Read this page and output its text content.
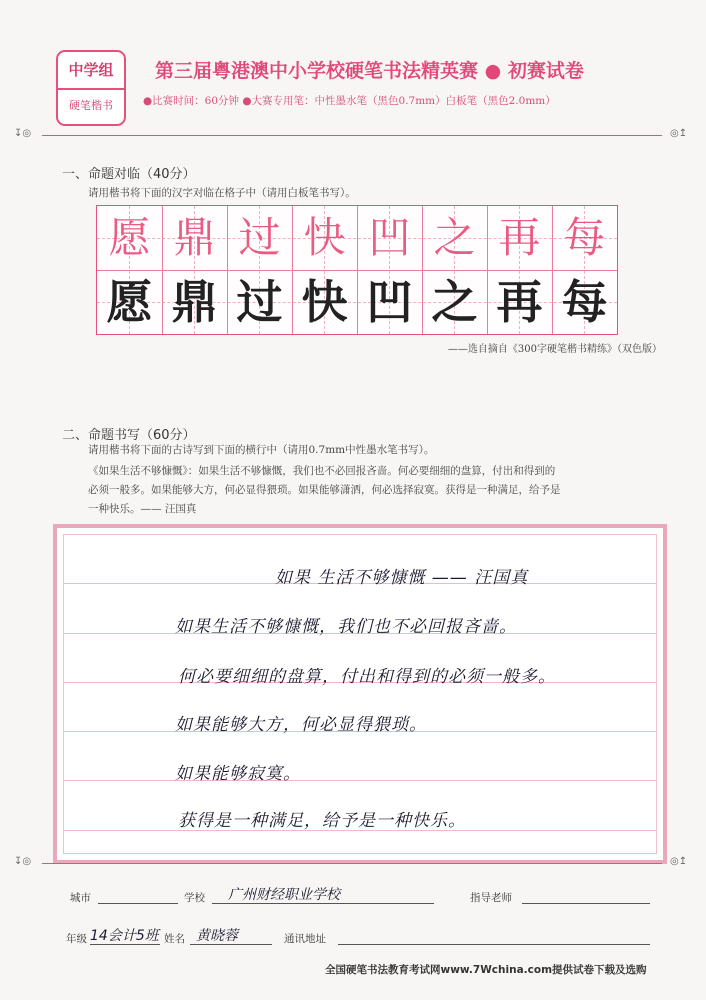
中学组
硬笔楷书
第三届粤港澳中小学校硬笔书法精英赛 ● 初赛试卷
●比赛时间：60分钟 ●大赛专用笔：中性墨水笔（黑色0.7mm）白板笔（黑色2.0mm）
↧◎	◎↥
一、命题对临（40分）
请用楷书将下面的汉字对临在格子中（请用白板笔书写）。
愿 鼎 过 快 凹 之 再 每
愿 鼎 过 快 凹 之 再 每
——选自摘自《300字硬笔楷书精练》（双色版）
二、命题书写（60分）
请用楷书将下面的古诗写到下面的横行中（请用0.7mm中性墨水笔书写）。
《如果生活不够慷慨》：如果生活不够慷慨，我们也不必回报吝啬。何必要细细的盘算，付出和得到的
必须一般多。如果能够大方，何必显得猥琐。如果能够潇洒，何必选择寂寞。获得是一种满足，给予是
一种快乐。—— 汪国真
如果 生活不够慷慨 —— 汪国真
如果生活不够慷慨，我们也不必回报吝啬。
何必要细细的盘算，付出和得到的必须一般多。
如果能够大方，何必显得猥琐。
如果能够寂寞。
获得是一种满足，给予是一种快乐。
↧◎	◎↥
城市	学校 广州财经职业学校	指导老师
年级 14会计5班 姓名 黄晓蓉	通讯地址
全国硬笔书法教育考试网www.7Wchina.com提供试卷下载及选购
